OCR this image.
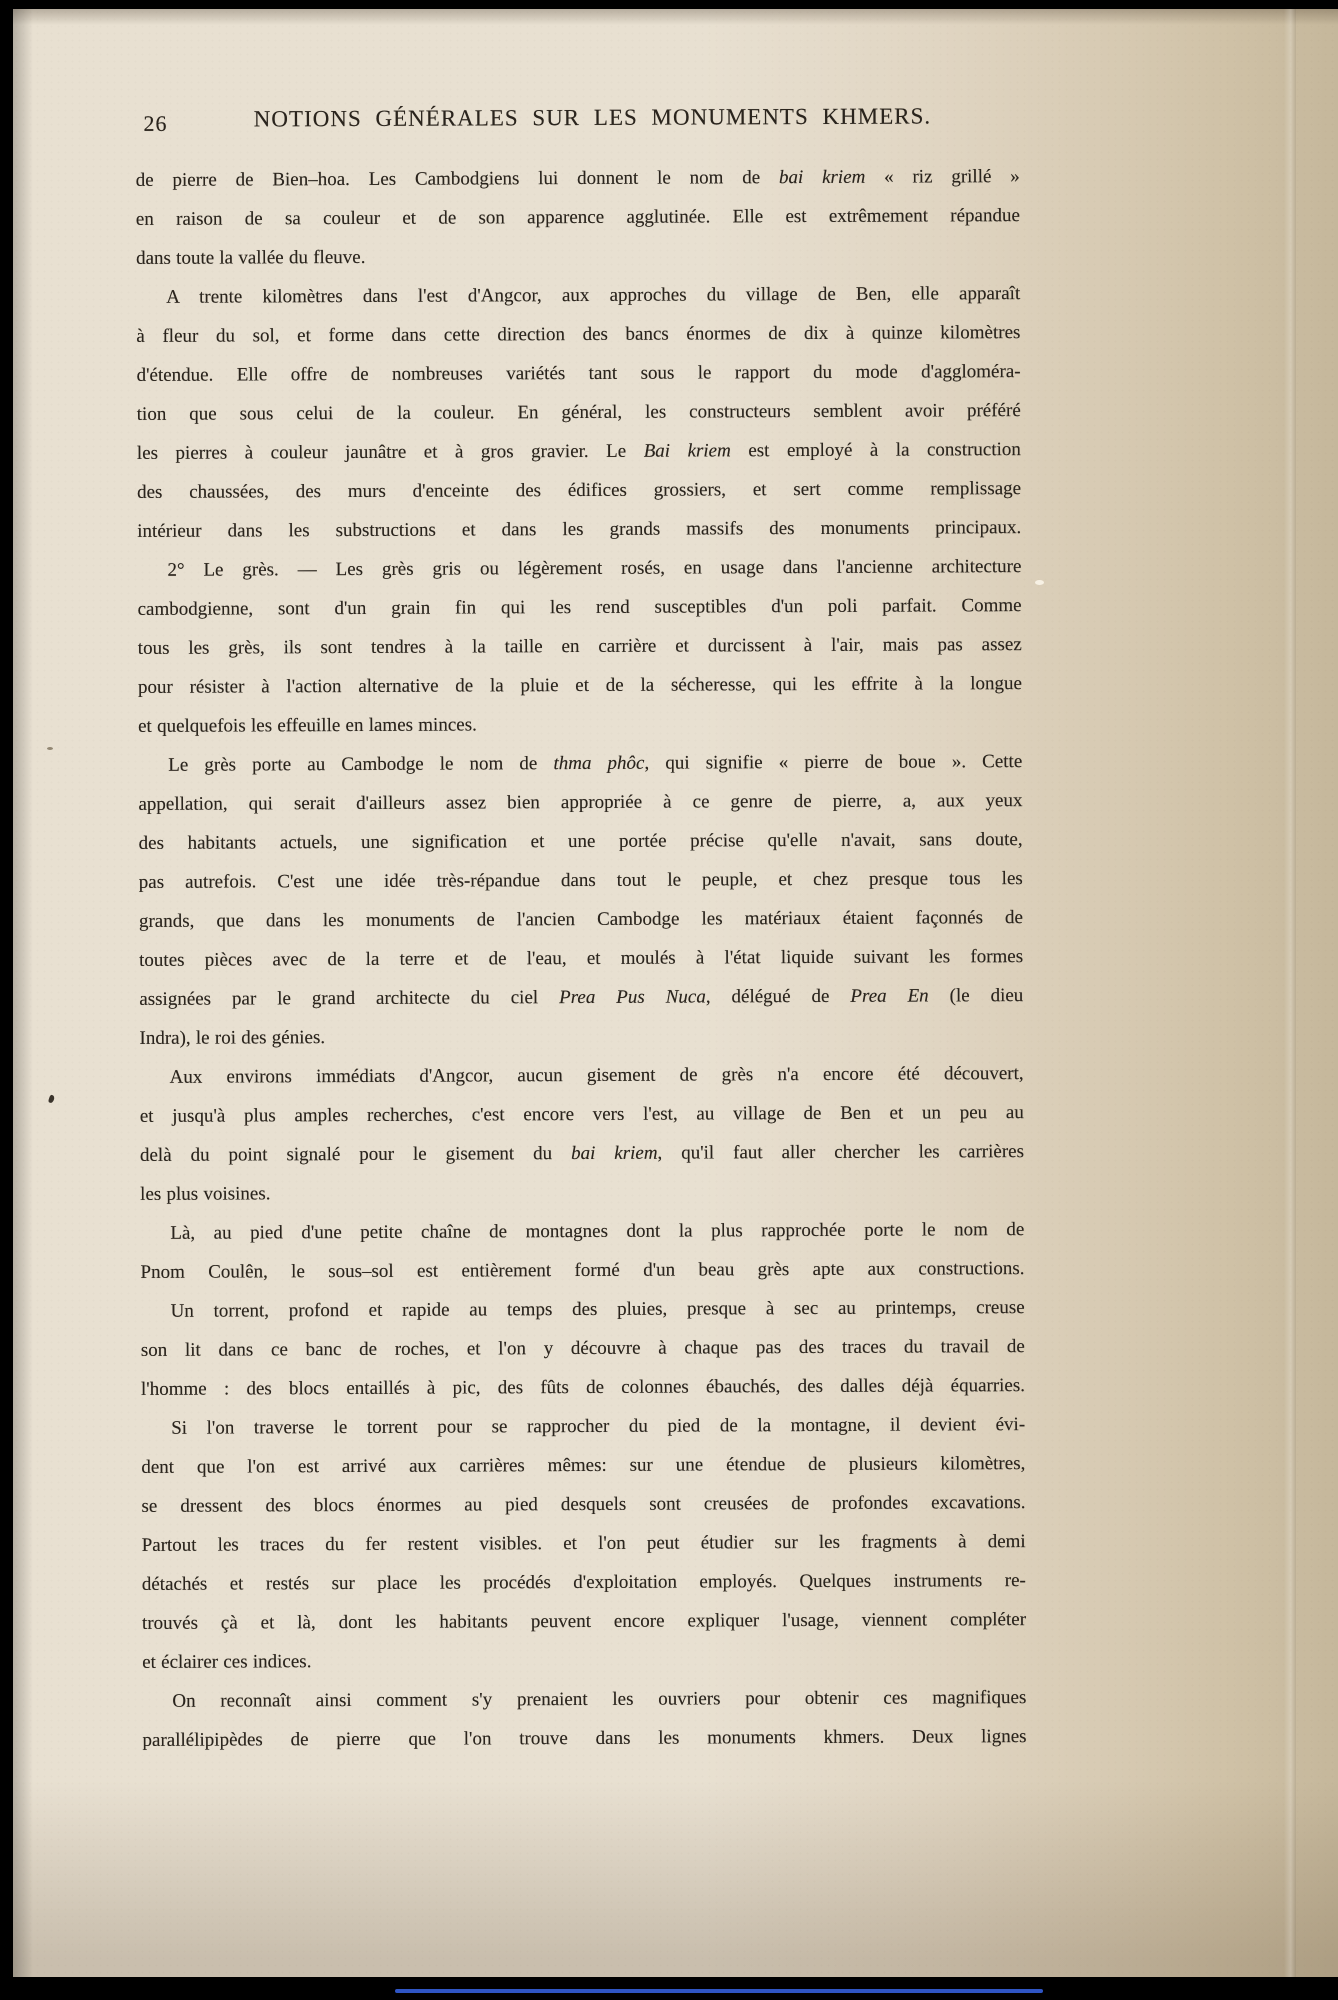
26	NOTIONS GÉNÉRALES SUR LES MONUMENTS KHMERS.
de pierre de Bien–hoa. Les Cambodgiens lui donnent le nom de bai kriem « riz grillé »
en raison de sa couleur et de son apparence agglutinée. Elle est extrêmement répandue
dans toute la vallée du fleuve.
A trente kilomètres dans l'est d'Angcor, aux approches du village de Ben, elle apparaît
à fleur du sol, et forme dans cette direction des bancs énormes de dix à quinze kilomètres
d'étendue. Elle offre de nombreuses variétés tant sous le rapport du mode d'aggloméra-
tion que sous celui de la couleur. En général, les constructeurs semblent avoir préféré
les pierres à couleur jaunâtre et à gros gravier. Le Bai kriem est employé à la construction
des chaussées, des murs d'enceinte des édifices grossiers, et sert comme remplissage
intérieur dans les substructions et dans les grands massifs des monuments principaux.
2° Le grès. — Les grès gris ou légèrement rosés, en usage dans l'ancienne architecture
cambodgienne, sont d'un grain fin qui les rend susceptibles d'un poli parfait. Comme
tous les grès, ils sont tendres à la taille en carrière et durcissent à l'air, mais pas assez
pour résister à l'action alternative de la pluie et de la sécheresse, qui les effrite à la longue
et quelquefois les effeuille en lames minces.
Le grès porte au Cambodge le nom de thma phôc, qui signifie « pierre de boue ». Cette
appellation, qui serait d'ailleurs assez bien appropriée à ce genre de pierre, a, aux yeux
des habitants actuels, une signification et une portée précise qu'elle n'avait, sans doute,
pas autrefois. C'est une idée très-répandue dans tout le peuple, et chez presque tous les
grands, que dans les monuments de l'ancien Cambodge les matériaux étaient façonnés de
toutes pièces avec de la terre et de l'eau, et moulés à l'état liquide suivant les formes
assignées par le grand architecte du ciel Prea Pus Nuca, délégué de Prea En (le dieu
Indra), le roi des génies.
Aux environs immédiats d'Angcor, aucun gisement de grès n'a encore été découvert,
et jusqu'à plus amples recherches, c'est encore vers l'est, au village de Ben et un peu au
delà du point signalé pour le gisement du bai kriem, qu'il faut aller chercher les carrières
les plus voisines.
Là, au pied d'une petite chaîne de montagnes dont la plus rapprochée porte le nom de
Pnom Coulên, le sous–sol est entièrement formé d'un beau grès apte aux constructions.
Un torrent, profond et rapide au temps des pluies, presque à sec au printemps, creuse
son lit dans ce banc de roches, et l'on y découvre à chaque pas des traces du travail de
l'homme : des blocs entaillés à pic, des fûts de colonnes ébauchés, des dalles déjà équarries.
Si l'on traverse le torrent pour se rapprocher du pied de la montagne, il devient évi-
dent que l'on est arrivé aux carrières mêmes: sur une étendue de plusieurs kilomètres,
se dressent des blocs énormes au pied desquels sont creusées de profondes excavations.
Partout les traces du fer restent visibles. et l'on peut étudier sur les fragments à demi
détachés et restés sur place les procédés d'exploitation employés. Quelques instruments re-
trouvés çà et là, dont les habitants peuvent encore expliquer l'usage, viennent compléter
et éclairer ces indices.
On reconnaît ainsi comment s'y prenaient les ouvriers pour obtenir ces magnifiques
parallélipipèdes de pierre que l'on trouve dans les monuments khmers. Deux lignes
